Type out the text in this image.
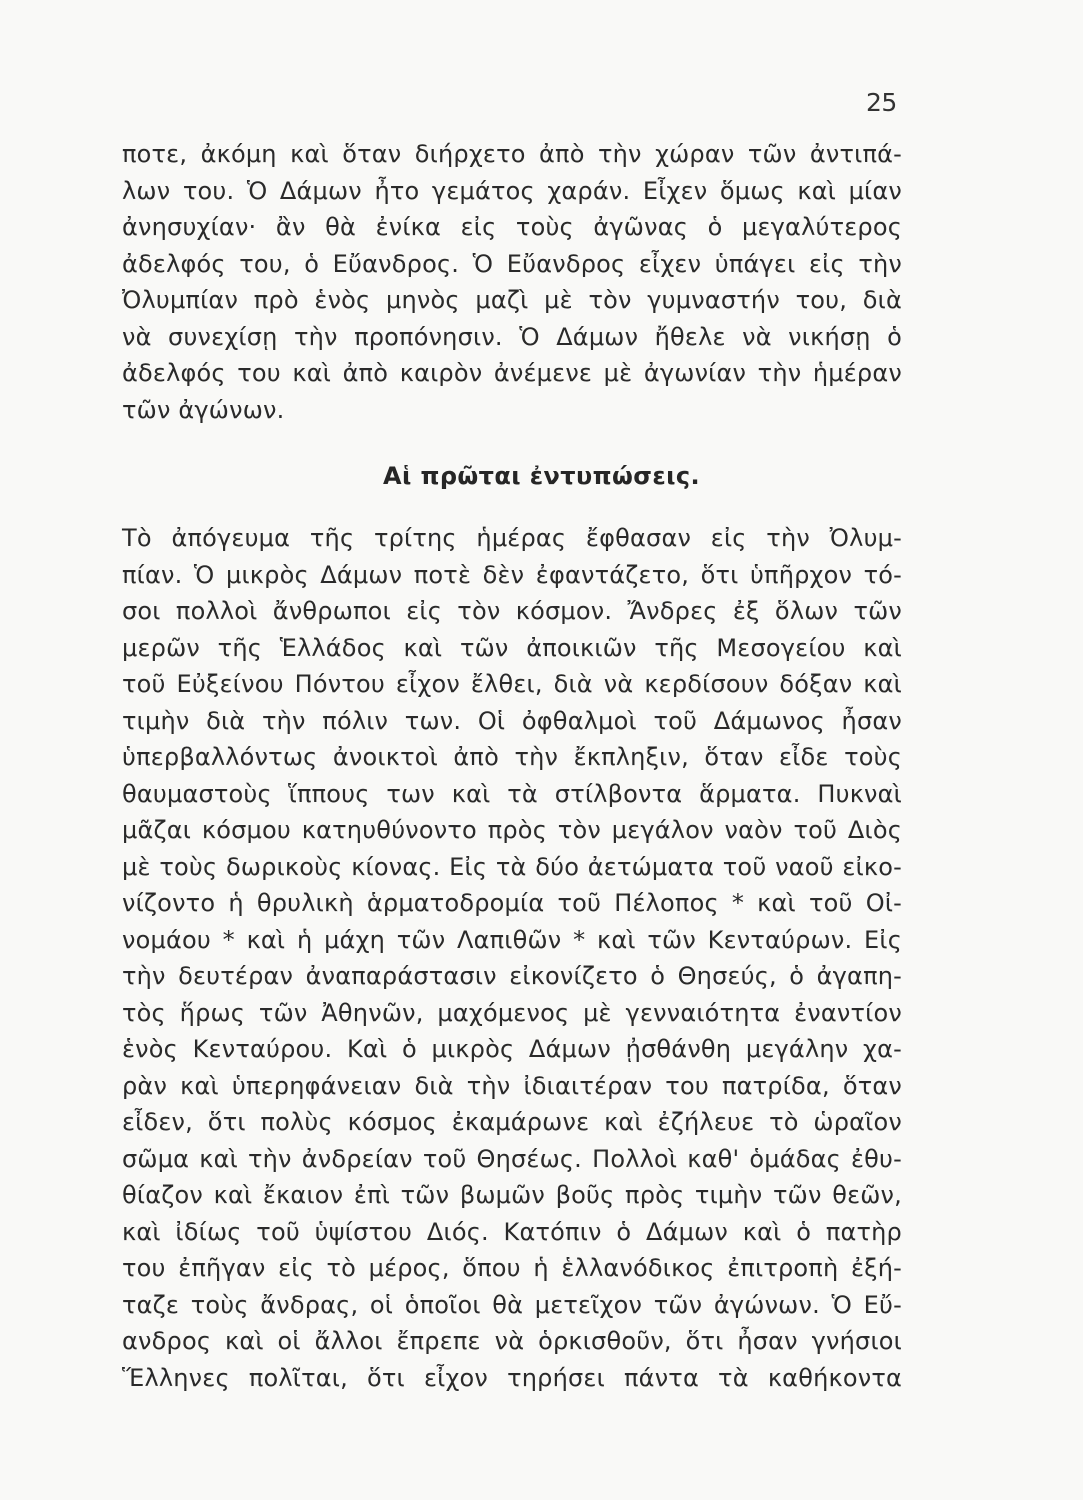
25
ποτε, ἀκόμη καὶ ὅταν διήρχετο ἀπὸ τὴν χώραν τῶν ἀντιπά-
λων του. Ὁ Δάμων ἦτο γεμάτος χαράν. Εἶχεν ὅμως καὶ μίαν
ἀνησυχίαν· ἂν θὰ ἐνίκα εἰς τοὺς ἀγῶνας ὁ μεγαλύτερος
ἀδελφός του, ὁ Εὔανδρος. Ὁ Εὔανδρος εἶχεν ὑπάγει εἰς τὴν
Ὀλυμπίαν πρὸ ἑνὸς μηνὸς μαζὶ μὲ τὸν γυμναστήν του, διὰ
νὰ συνεχίσῃ τὴν προπόνησιν. Ὁ Δάμων ἤθελε νὰ νικήσῃ ὁ
ἀδελφός του καὶ ἀπὸ καιρὸν ἀνέμενε μὲ ἀγωνίαν τὴν ἡμέραν
τῶν ἀγώνων.
Αἱ πρῶται ἐντυπώσεις.
Τὸ ἀπόγευμα τῆς τρίτης ἡμέρας ἔφθασαν εἰς τὴν Ὀλυμ-
πίαν. Ὁ μικρὸς Δάμων ποτὲ δὲν ἐφαντάζετο, ὅτι ὑπῆρχον τό-
σοι πολλοὶ ἄνθρωποι εἰς τὸν κόσμον. Ἄνδρες ἐξ ὅλων τῶν
μερῶν τῆς Ἑλλάδος καὶ τῶν ἀποικιῶν τῆς Μεσογείου καὶ
τοῦ Εὐξείνου Πόντου εἶχον ἔλθει, διὰ νὰ κερδίσουν δόξαν καὶ
τιμὴν διὰ τὴν πόλιν των. Οἱ ὀφθαλμοὶ τοῦ Δάμωνος ἦσαν
ὑπερβαλλόντως ἀνοικτοὶ ἀπὸ τὴν ἔκπληξιν, ὅταν εἶδε τοὺς
θαυμαστοὺς ἵππους των καὶ τὰ στίλβοντα ἅρματα. Πυκναὶ
μᾶζαι κόσμου κατηυθύνοντο πρὸς τὸν μεγάλον ναὸν τοῦ Διὸς
μὲ τοὺς δωρικοὺς κίονας. Εἰς τὰ δύο ἀετώματα τοῦ ναοῦ εἰκο-
νίζοντο ἡ θρυλικὴ ἁρματοδρομία τοῦ Πέλοπος * καὶ τοῦ Οἰ-
νομάου * καὶ ἡ μάχη τῶν Λαπιθῶν * καὶ τῶν Κενταύρων. Εἰς
τὴν δευτέραν ἀναπαράστασιν εἰκονίζετο ὁ Θησεύς, ὁ ἀγαπη-
τὸς ἥρως τῶν Ἀθηνῶν, μαχόμενος μὲ γενναιότητα ἐναντίον
ἑνὸς Κενταύρου. Καὶ ὁ μικρὸς Δάμων ᾐσθάνθη μεγάλην χα-
ρὰν καὶ ὑπερηφάνειαν διὰ τὴν ἰδιαιτέραν του πατρίδα, ὅταν
εἶδεν, ὅτι πολὺς κόσμος ἐκαμάρωνε καὶ ἐζήλευε τὸ ὡραῖον
σῶμα καὶ τὴν ἀνδρείαν τοῦ Θησέως. Πολλοὶ καθ' ὁμάδας ἐθυ-
θίαζον καὶ ἔκαιον ἐπὶ τῶν βωμῶν βοῦς πρὸς τιμὴν τῶν θεῶν,
καὶ ἰδίως τοῦ ὑψίστου Διός. Κατόπιν ὁ Δάμων καὶ ὁ πατὴρ
του ἐπῆγαν εἰς τὸ μέρος, ὅπου ἡ ἑλλανόδικος ἐπιτροπὴ ἐξή-
ταζε τοὺς ἄνδρας, οἱ ὁποῖοι θὰ μετεῖχον τῶν ἀγώνων. Ὁ Εὔ-
ανδρος καὶ οἱ ἄλλοι ἔπρεπε νὰ ὁρκισθοῦν, ὅτι ἦσαν γνήσιοι
Ἕλληνες πολῖται, ὅτι εἶχον τηρήσει πάντα τὰ καθήκοντα
